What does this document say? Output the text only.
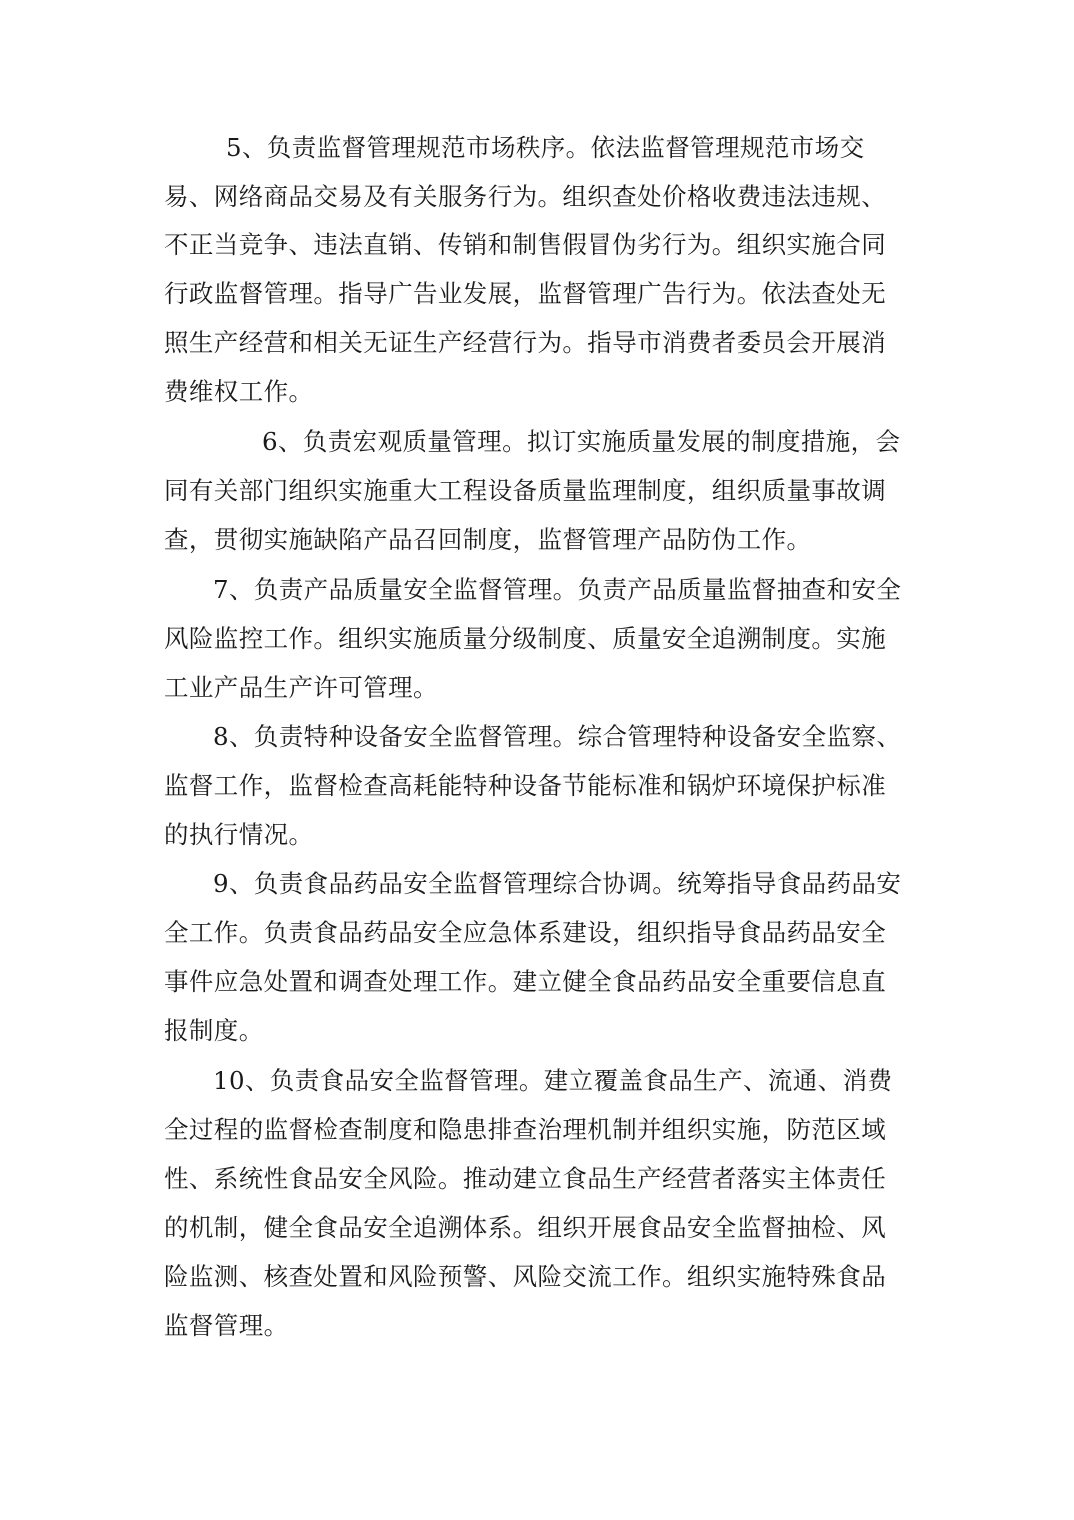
5、负责监督管理规范市场秩序。依法监督管理规范市场交
易、网络商品交易及有关服务行为。组织查处价格收费违法违规、
不正当竞争、违法直销、传销和制售假冒伪劣行为。组织实施合同
行政监督管理。指导广告业发展，监督管理广告行为。依法查处无
照生产经营和相关无证生产经营行为。指导市消费者委员会开展消
费维权工作。
6、负责宏观质量管理。拟订实施质量发展的制度措施，会
同有关部门组织实施重大工程设备质量监理制度，组织质量事故调
查，贯彻实施缺陷产品召回制度，监督管理产品防伪工作。
7、负责产品质量安全监督管理。负责产品质量监督抽查和安全
风险监控工作。组织实施质量分级制度、质量安全追溯制度。实施
工业产品生产许可管理。
8、负责特种设备安全监督管理。综合管理特种设备安全监察、
监督工作，监督检查高耗能特种设备节能标准和锅炉环境保护标准
的执行情况。
9、负责食品药品安全监督管理综合协调。统筹指导食品药品安
全工作。负责食品药品安全应急体系建设，组织指导食品药品安全
事件应急处置和调查处理工作。建立健全食品药品安全重要信息直
报制度。
10、负责食品安全监督管理。建立覆盖食品生产、流通、消费
全过程的监督检查制度和隐患排查治理机制并组织实施，防范区域
性、系统性食品安全风险。推动建立食品生产经营者落实主体责任
的机制，健全食品安全追溯体系。组织开展食品安全监督抽检、风
险监测、核查处置和风险预警、风险交流工作。组织实施特殊食品
监督管理。
